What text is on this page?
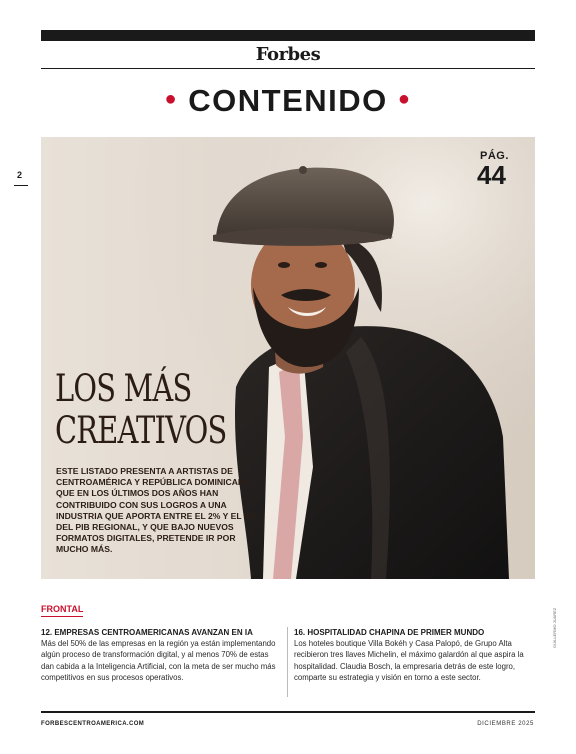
Forbes
● CONTENIDO ●
2
PÁG.
44
LOS MÁS
CREATIVOS
ESTE LISTADO PRESENTA A ARTISTAS DE CENTROAMÉRICA Y REPÚBLICA DOMINICANA QUE EN LOS ÚLTIMOS DOS AÑOS HAN CONTRIBUIDO CON SUS LOGROS A UNA INDUSTRIA QUE APORTA ENTRE EL 2% Y EL 4% DEL PIB REGIONAL, Y QUE BAJO NUEVOS FORMATOS DIGITALES, PRETENDE IR POR MUCHO MÁS.
GUILLERMO JUÁREZ
FRONTAL
12. EMPRESAS CENTROAMERICANAS AVANZAN EN IA

Más del 50% de las empresas en la región ya están implementando algún proceso de transformación digital, y al menos 70% de estas dan cabida a la Inteligencia Artificial, con la meta de ser mucho más competitivos en sus procesos operativos.

16. HOSPITALIDAD CHAPINA DE PRIMER MUNDO

Los hoteles boutique Villa Bokéh y Casa Palopó, de Grupo Alta recibieron tres llaves Michelin, el máximo galardón al que aspira la hospitalidad. Claudia Bosch, la empresaria detrás de este logro, comparte su estrategia y visión en torno a este sector.

FORBESCENTROAMERICA.COM	DICIEMBRE 2025
